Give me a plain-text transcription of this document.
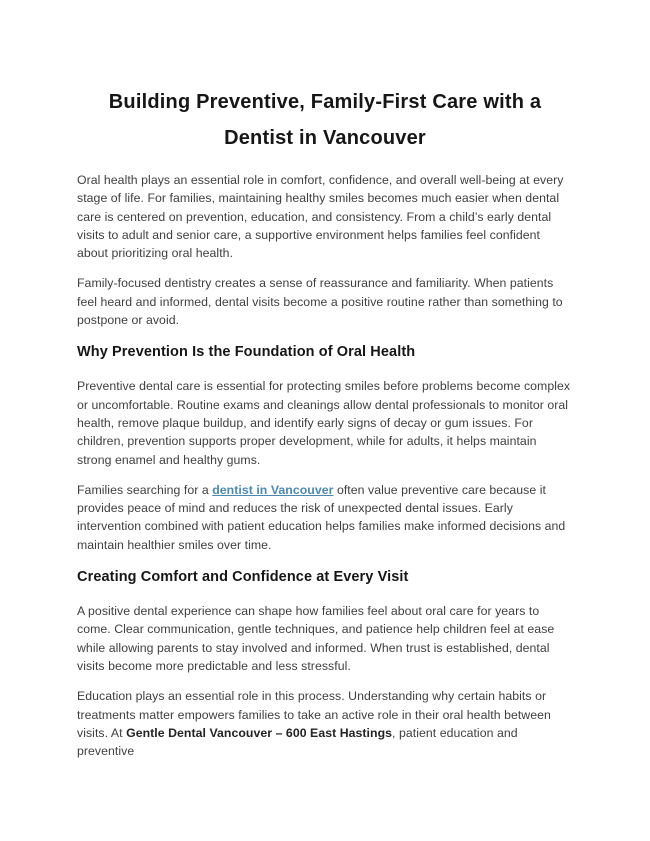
Building Preventive, Family-First Care with a
Dentist in Vancouver

Oral health plays an essential role in comfort, confidence, and overall well-being at every stage of life. For families, maintaining healthy smiles becomes much easier when dental care is centered on prevention, education, and consistency. From a child’s early dental visits to adult and senior care, a supportive environment helps families feel confident about prioritizing oral health.

Family-focused dentistry creates a sense of reassurance and familiarity. When patients feel heard and informed, dental visits become a positive routine rather than something to postpone or avoid.

Why Prevention Is the Foundation of Oral Health

Preventive dental care is essential for protecting smiles before problems become complex or uncomfortable. Routine exams and cleanings allow dental professionals to monitor oral health, remove plaque buildup, and identify early signs of decay or gum issues. For children, prevention supports proper development, while for adults, it helps maintain strong enamel and healthy gums.

Families searching for a dentist in Vancouver often value preventive care because it provides peace of mind and reduces the risk of unexpected dental issues. Early intervention combined with patient education helps families make informed decisions and maintain healthier smiles over time.

Creating Comfort and Confidence at Every Visit

A positive dental experience can shape how families feel about oral care for years to come. Clear communication, gentle techniques, and patience help children feel at ease while allowing parents to stay involved and informed. When trust is established, dental visits become more predictable and less stressful.

Education plays an essential role in this process. Understanding why certain habits or treatments matter empowers families to take an active role in their oral health between visits. At Gentle Dental Vancouver – 600 East Hastings, patient education and preventive
